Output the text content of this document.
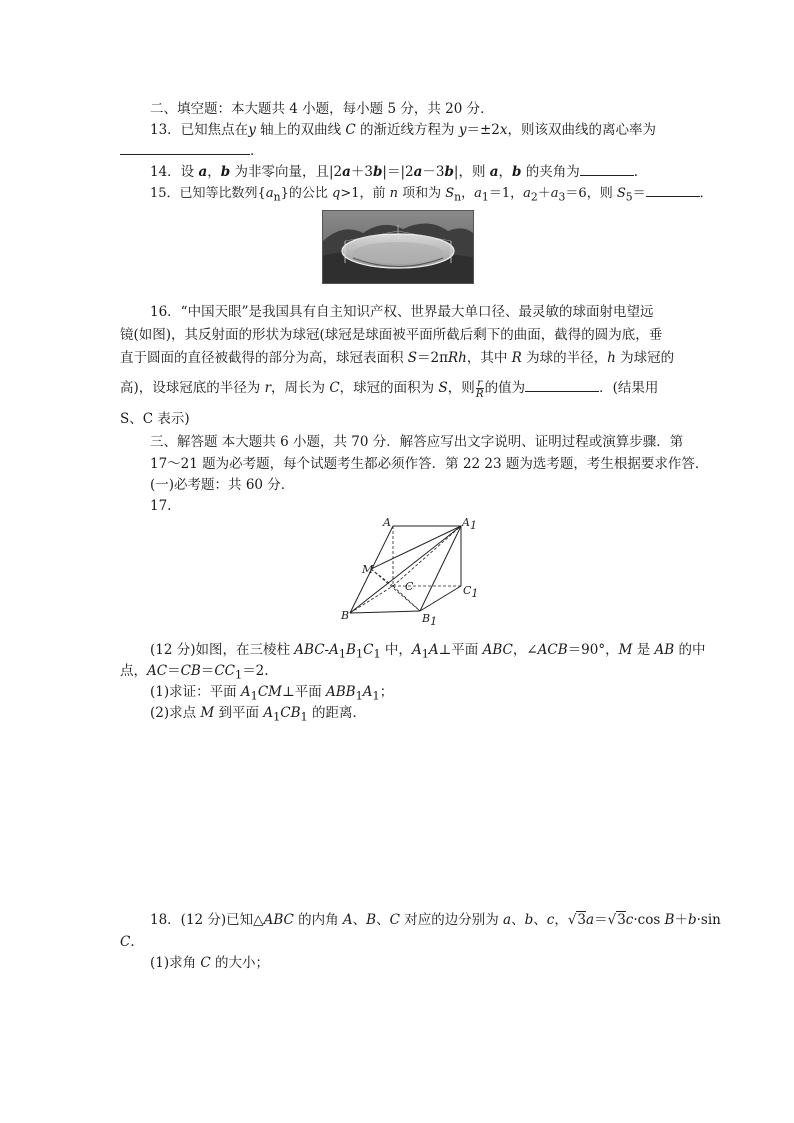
二、填空题：本大题共 4 小题，每小题 5 分，共 20 分．
13．已知焦点在y 轴上的双曲线 C 的渐近线方程为 y＝±2x，则该双曲线的离心率为
．
14．设 a，b 为非零向量，且|2a＋3b|＝|2a－3b|，则 a，b 的夹角为	．
15．已知等比数列$\{a_n\}$的公比 q>1，前 n 项和为 $S_n$，$a_1=1$，$a_2+a_3=6$，则 $S_5=$	．
16．“中国天眼”是我国具有自主知识产权、世界最大单口径、最灵敏的球面射电望远
镜(如图)，其反射面的形状为球冠(球冠是球面被平面所截后剩下的曲面，截得的圆为底，垂
直于圆面的直径被截得的部分为高，球冠表面积 S＝2πRh，其中 R 为球的半径，h 为球冠的
高)，设球冠底的半径为 r，周长为 C，球冠的面积为 S，则 $\frac{r}{R}$ 的值为	．(结果用
S、C 表示)
三、解答题 本大题共 6 小题，共 70 分．解答应写出文字说明、证明过程或演算步骤．第
17～21 题为必考题，每个试题考生都必须作答．第 22 23 题为选考题，考生根据要求作答．
(一)必考题：共 60 分．
17.
A	A1
M
C	C1
B	B1
(12 分)如图，在三棱柱 ABC-$A_1B_1C_1$ 中，$A_1A\perp$平面 ABC，∠ACB＝90°，M 是 AB 的中
点，$AC=CB=CC_1=2$.
(1)求证：平面 $A_1CM\perp$平面 $ABB_1A_1$；
(2)求点 M 到平面 $A_1CB_1$ 的距离．
18．(12 分)已知△ABC 的内角 A、B、C 对应的边分别为 a、b、c，√3a＝√3c·cos B＋b·sin
C.
(1)求角 C 的大小；
